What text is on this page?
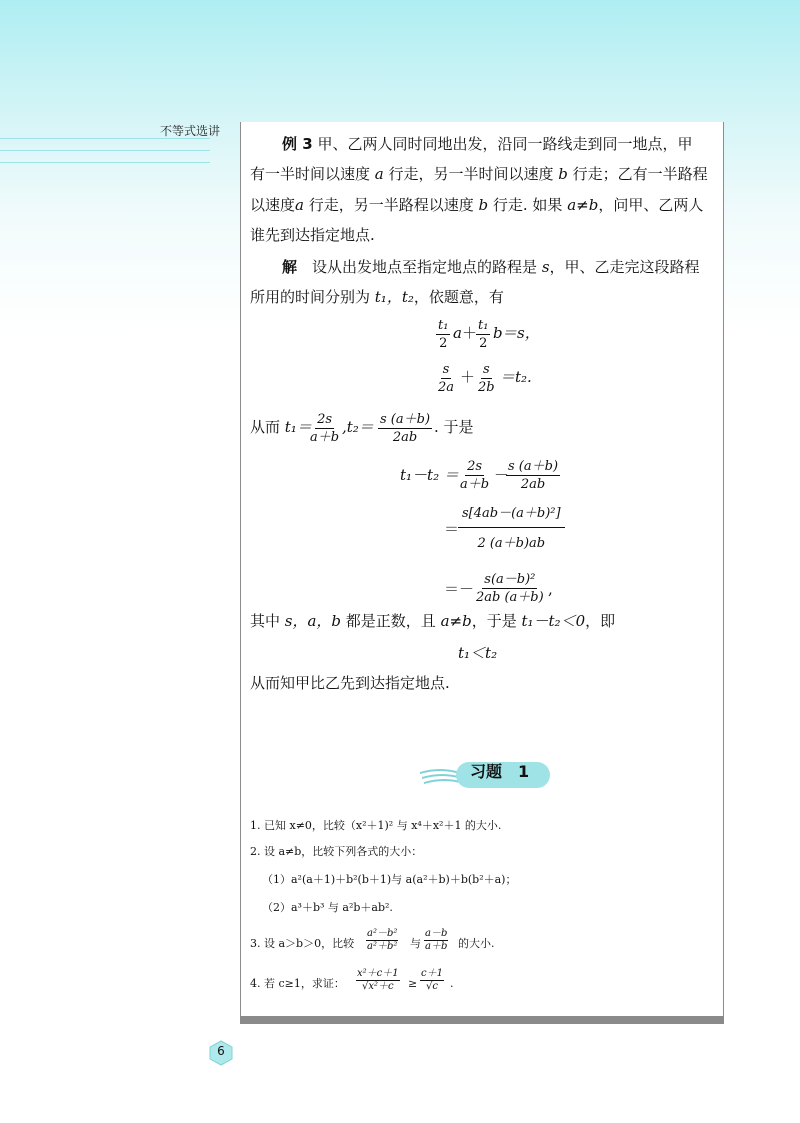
不等式选讲
例 3 甲、乙两人同时同地出发，沿同一路线走到同一地点，甲
有一半时间以速度 a 行走，另一半时间以速度 b 行走；乙有一半路程
以速度a 行走，另一半路程以速度 b 行走. 如果 a≠b，问甲、乙两人
谁先到达指定地点.
解　 设从出发地点至指定地点的路程是 s，甲、乙走完这段路程
所用的时间分别为 t₁，t₂，依题意，有
$\frac{\text{t₁}}{2}$ a ＋
$\frac{\text{t₁}}{2}$ b ＝s，
$\frac{s}{2a} + \frac{s}{2b} =t_2$.
从而 t₁＝
$\frac{2s}{a+b} ,t_2= \frac{s (a+b)}{2ab}$ . 于是
$t_1-t_2 = \frac{2s}{a+b}$ －
$\frac{s (a+b)}{2ab}$
＝
$\frac{\text{s[4ab－(a＋b)²]}}{2 (a+b)ab}$
＝－ $\frac{\text{s(a－b)²}}{2ab (a+b)}$ ,
其中 s，a，b 都是正数，且 a≠b，于是 t₁－t₂＜0，即
t₁＜t₂
从而知甲比乙先到达指定地点.
习题　1
1. 已知 x≠0，比较（x²＋1)² 与 x⁴＋x²＋1 的大小.
2. 设 a≠b，比较下列各式的大小：
（1）a²(a＋1)＋b²(b＋1)与 a(a²＋b)＋b(b²＋a)；
（2）a³＋b³ 与 a²b＋ab².
3. 设 a＞b＞0，比较 $\frac{\text{a²－b²}}{\text{a²＋b²}}$ 与 $\frac{a-b}{a+b}$ 的大小.
4. 若 c≥1，求证： $\frac{\text{x²＋c＋1}}{\text{√x²＋c}} \ge \frac{c+1}{√c}$ .
6
